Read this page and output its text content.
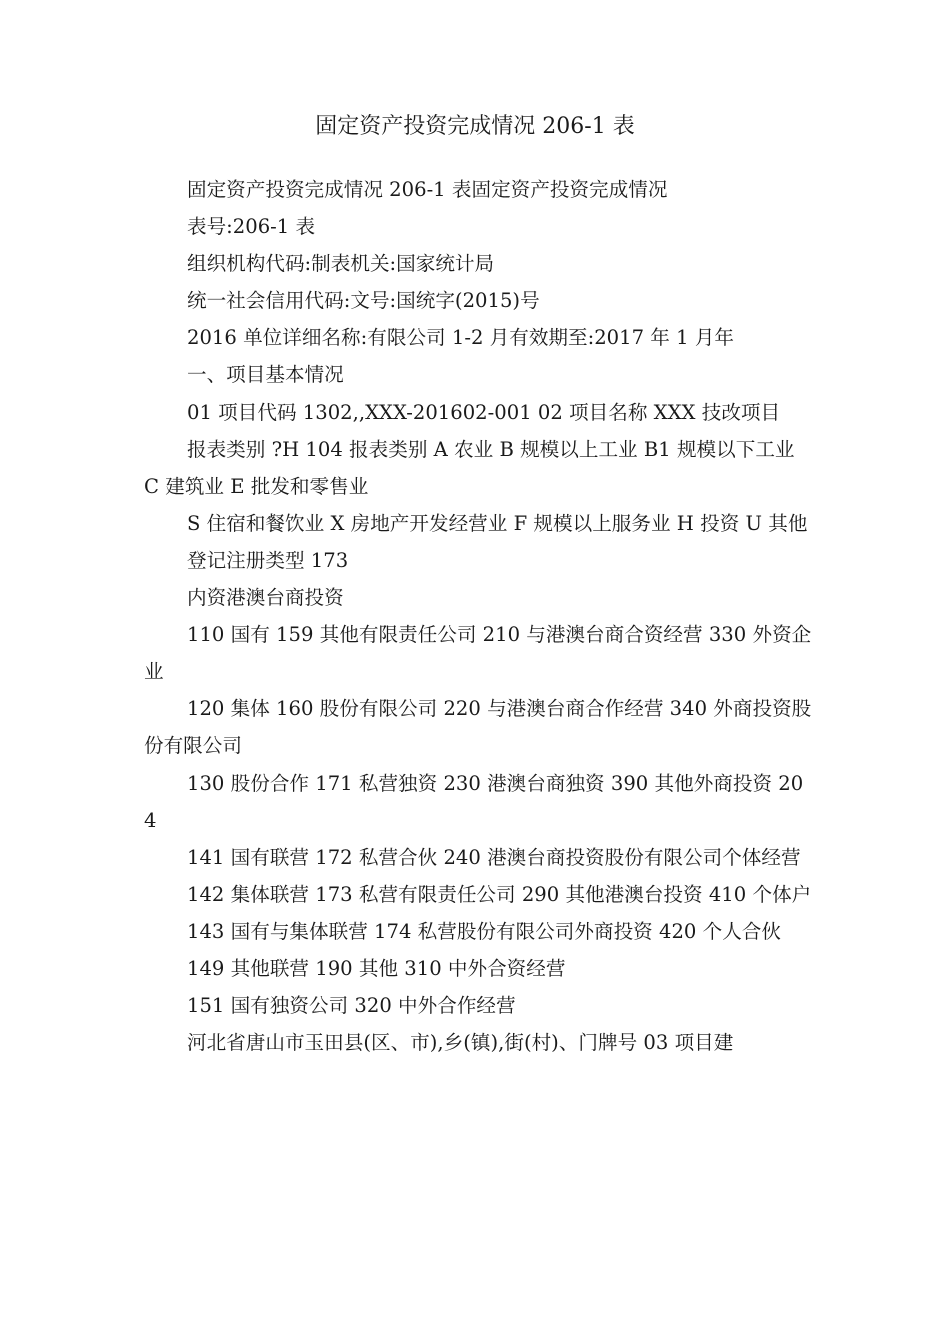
固定资产投资完成情况 206-1 表

固定资产投资完成情况 206-1 表固定资产投资完成情况

表号:206-1 表

组织机构代码:制表机关:国家统计局

统一社会信用代码:文号:国统字(2015)号

2016 单位详细名称:有限公司 1-2 月有效期至:2017 年 1 月年

一、项目基本情况

01 项目代码 1302,,XXX-201602-001 02 项目名称 XXX 技改项目

报表类别 ?H 104 报表类别 A 农业 B 规模以上工业 B1 规模以下工业 C 建筑业 E 批发和零售业

S 住宿和餐饮业 X 房地产开发经营业 F 规模以上服务业 H 投资 U 其他

登记注册类型 173

内资港澳台商投资

110 国有 159 其他有限责任公司 210 与港澳台商合资经营 330 外资企业

120 集体 160 股份有限公司 220 与港澳台商合作经营 340 外商投资股份有限公司

130 股份合作 171 私营独资 230 港澳台商独资 390 其他外商投资 204

141 国有联营 172 私营合伙 240 港澳台商投资股份有限公司个体经营

142 集体联营 173 私营有限责任公司 290 其他港澳台投资 410 个体户

143 国有与集体联营 174 私营股份有限公司外商投资 420 个人合伙

149 其他联营 190 其他 310 中外合资经营

151 国有独资公司 320 中外合作经营

河北省唐山市玉田县(区、市),乡(镇),街(村)、门牌号 03 项目建
